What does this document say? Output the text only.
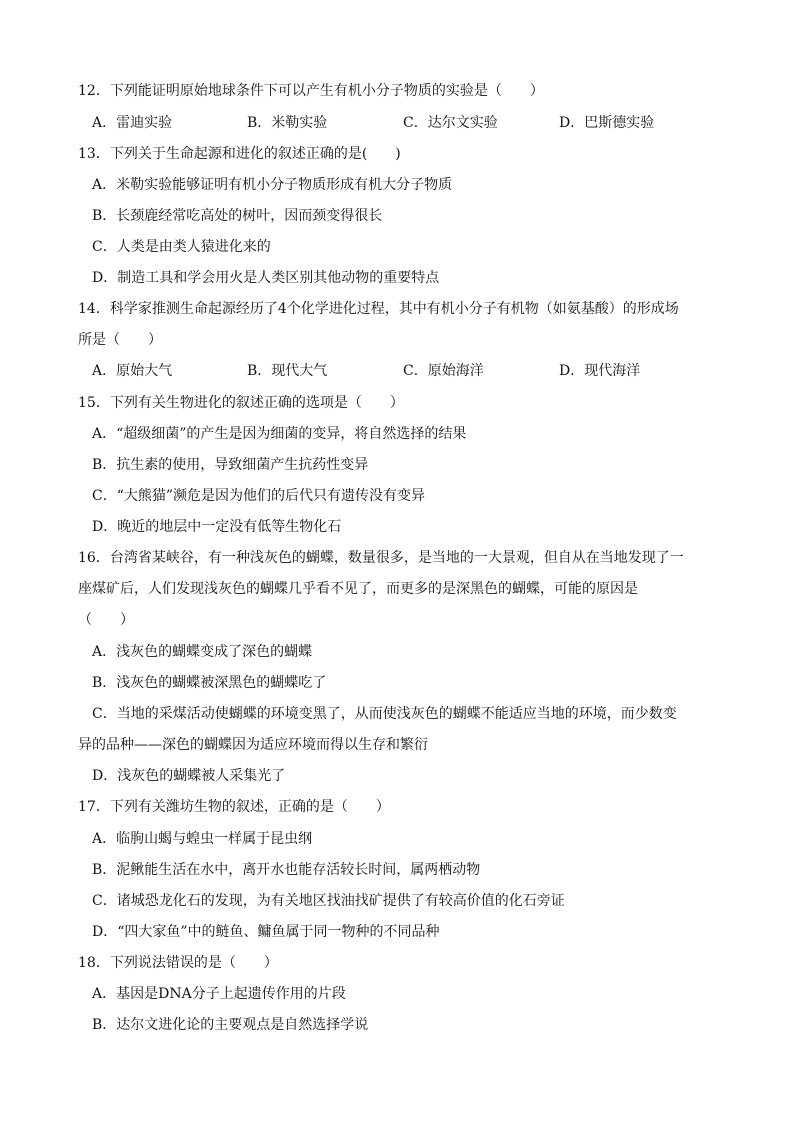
12．下列能证明原始地球条件下可以产生有机小分子物质的实验是（　　）
A．雷迪实验	B．米勒实验	C．达尔文实验	D．巴斯德实验
13．下列关于生命起源和进化的叙述正确的是(　　)
A．米勒实验能够证明有机小分子物质形成有机大分子物质
B．长颈鹿经常吃高处的树叶，因而颈变得很长
C．人类是由类人猿进化来的
D．制造工具和学会用火是人类区别其他动物的重要特点
14．科学家推测生命起源经历了4个化学进化过程，其中有机小分子有机物（如氨基酸）的形成场
所是（　　）
A．原始大气	B．现代大气	C．原始海洋	D．现代海洋
15．下列有关生物进化的叙述正确的选项是（　　）
A．“超级细菌”的产生是因为细菌的变异，将自然选择的结果
B．抗生素的使用，导致细菌产生抗药性变异
C．“大熊猫”濒危是因为他们的后代只有遗传没有变异
D．晚近的地层中一定没有低等生物化石
16．台湾省某峡谷，有一种浅灰色的蝴蝶，数量很多，是当地的一大景观，但自从在当地发现了一
座煤矿后，人们发现浅灰色的蝴蝶几乎看不见了，而更多的是深黑色的蝴蝶，可能的原因是
（　　）
A．浅灰色的蝴蝶变成了深色的蝴蝶
B．浅灰色的蝴蝶被深黑色的蝴蝶吃了
C．当地的采煤活动使蝴蝶的环境变黑了，从而使浅灰色的蝴蝶不能适应当地的环境，而少数变
异的品种——深色的蝴蝶因为适应环境而得以生存和繁衍
D．浅灰色的蝴蝶被人采集光了
17．下列有关潍坊生物的叙述，正确的是（　　）
A．临朐山蝎与蝗虫一样属于昆虫纲
B．泥鳅能生活在水中，离开水也能存活较长时间，属两栖动物
C．诸城恐龙化石的发现，为有关地区找油找矿提供了有较高价值的化石旁证
D．“四大家鱼”中的鲢鱼、鳙鱼属于同一物种的不同品种
18．下列说法错误的是（　　）
A．基因是DNA分子上起遗传作用的片段
B．达尔文进化论的主要观点是自然选择学说
